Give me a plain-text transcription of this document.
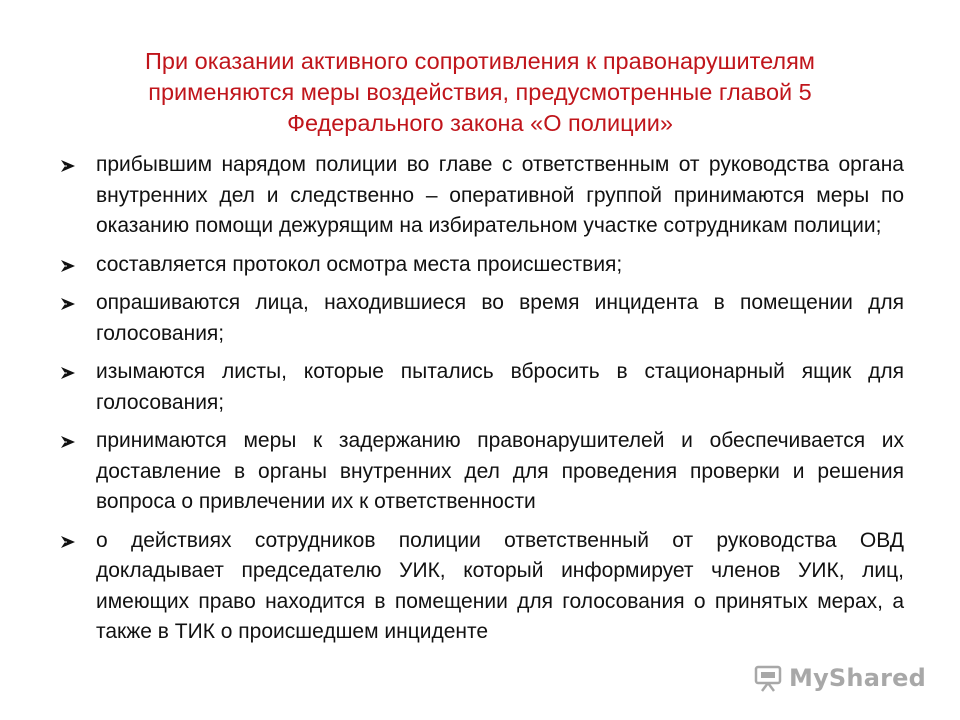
При оказании активного сопротивления к правонарушителям
применяются меры воздействия, предусмотренные главой 5
Федерального закона «О полиции»
прибывшим нарядом полиции во главе с ответственным от руководства органа внутренних дел и следственно – оперативной группой принимаются меры по оказанию помощи дежурящим на избирательном участке сотрудникам полиции;
составляется протокол осмотра места происшествия;
опрашиваются лица, находившиеся во время инцидента в помещении для голосования;
изымаются листы, которые пытались вбросить в стационарный ящик для голосования;
принимаются меры к задержанию правонарушителей и обеспечивается их доставление в органы внутренних дел для проведения проверки и решения вопроса о привлечении их к ответственности
о действиях сотрудников полиции ответственный от руководства ОВД докладывает председателю УИК, который информирует членов УИК, лиц, имеющих право находится в помещении для голосования о принятых мерах, а также в ТИК о происшедшем инциденте
MyShared
